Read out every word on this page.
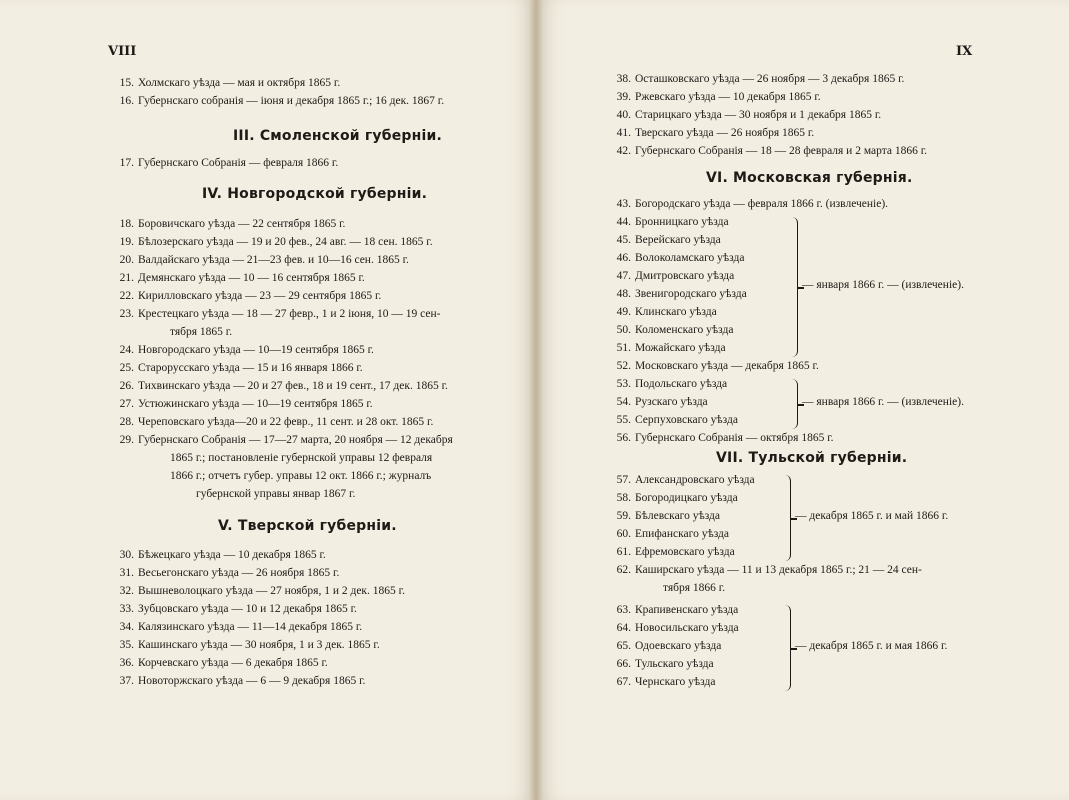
VIII	IX
15. Холмскаго уѣзда — мая и октября 1865 г.
16. Губернскаго собранія — іюня и декабря 1865 г.; 16 дек. 1867 г.
III. Смоленской губерніи.
17. Губернскаго Собранія — февраля 1866 г.
IV. Новгородской губерніи.
18. Боровичскаго уѣзда — 22 сентября 1865 г.
19. Бѣлозерскаго уѣзда — 19 и 20 фев., 24 авг. — 18 сен. 1865 г.
20. Валдайскаго уѣзда — 21—23 фев. и 10—16 сен. 1865 г.
21. Демянскаго уѣзда — 10 — 16 сентября 1865 г.
22. Кирилловскаго уѣзда — 23 — 29 сентября 1865 г.
23. Крестецкаго уѣзда — 18 — 27 февр., 1 и 2 іюня, 10 — 19 сен-
тября 1865 г.
24. Новгородскаго уѣзда — 10—19 сентября 1865 г.
25. Старорусскаго уѣзда — 15 и 16 января 1866 г.
26. Тихвинскаго уѣзда — 20 и 27 фев., 18 и 19 сент., 17 дек. 1865 г.
27. Устюжинскаго уѣзда — 10—19 сентября 1865 г.
28. Череповскаго уѣзда—20 и 22 февр., 11 сент. и 28 окт. 1865 г.
29. Губернскаго Собранія — 17—27 марта, 20 ноября — 12 декабря
1865 г.; постановленіе губернской управы 12 февраля
1866 г.; отчетъ губер. управы 12 окт. 1866 г.; журналъ
губернской управы январ 1867 г.
V. Тверской губерніи.
30. Бѣжецкаго уѣзда — 10 декабря 1865 г.
31. Весьегонскаго уѣзда — 26 ноября 1865 г.
32. Вышневолоцкаго уѣзда — 27 ноября, 1 и 2 дек. 1865 г.
33. Зубцовскаго уѣзда — 10 и 12 декабря 1865 г.
34. Калязинскаго уѣзда — 11—14 декабря 1865 г.
35. Кашинскаго уѣзда — 30 ноября, 1 и 3 дек. 1865 г.
36. Корчевскаго уѣзда — 6 декабря 1865 г.
37. Новоторжскаго уѣзда — 6 — 9 декабря 1865 г.
38. Осташковскаго уѣзда — 26 ноября — 3 декабря 1865 г.
39. Ржевскаго уѣзда — 10 декабря 1865 г.
40. Старицкаго уѣзда — 30 ноября и 1 декабря 1865 г.
41. Тверскаго уѣзда — 26 ноября 1865 г.
42. Губернскаго Собранія — 18 — 28 февраля и 2 марта 1866 г.
VI. Московская губернія.
43. Богородскаго уѣзда — февраля 1866 г. (извлеченіе).
44. Бронницкаго уѣзда
45. Верейскаго уѣзда
46. Волоколамскаго уѣзда
47. Дмитровскаго уѣзда
48. Звенигородскаго уѣзда
49. Клинскаго уѣзда
50. Коломенскаго уѣзда
51. Можайскаго уѣзда
— января 1866 г. — (извлеченіе).
52. Московскаго уѣзда — декабря 1865 г.
53. Подольскаго уѣзда
54. Рузскаго уѣзда
55. Серпуховскаго уѣзда
— января 1866 г. — (извлеченіе).
56. Губернскаго Собранія — октября 1865 г.
VII. Тульской губерніи.
57. Александровскаго уѣзда
58. Богородицкаго уѣзда
59. Бѣлевскаго уѣзда
60. Епифанскаго уѣзда
61. Ефремовскаго уѣзда
— декабря 1865 г. и май 1866 г.
62. Каширскаго уѣзда — 11 и 13 декабря 1865 г.; 21 — 24 сен-
тября 1866 г.
63. Крапивенскаго уѣзда
64. Новосильскаго уѣзда
65. Одоевскаго уѣзда
66. Тульскаго уѣзда
67. Чернскаго уѣзда
— декабря 1865 г. и мая 1866 г.
